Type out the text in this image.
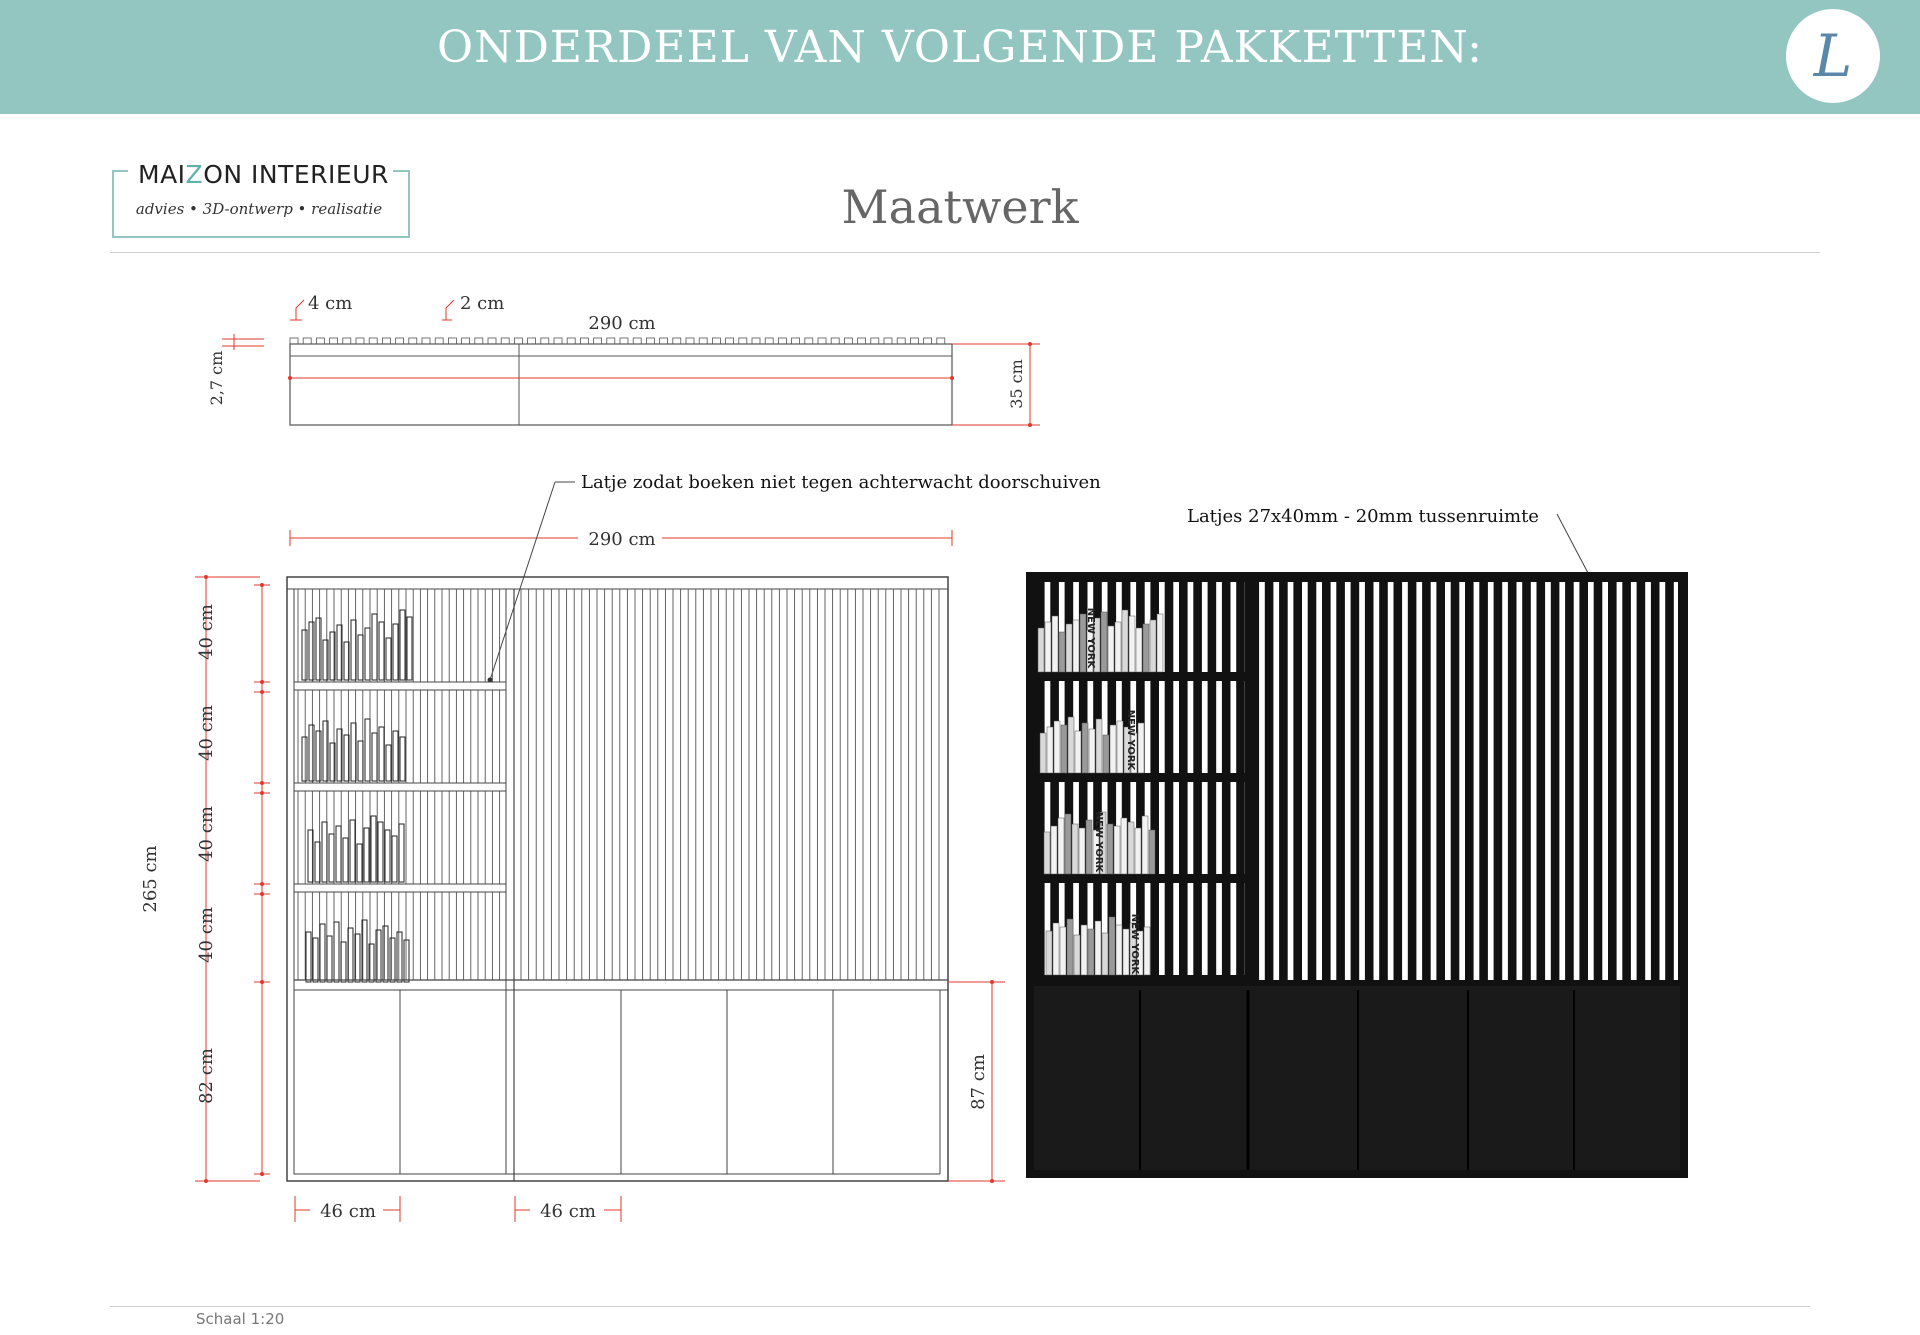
ONDERDEEL VAN VOLGENDE PAKKETTEN:	L
MAIZON INTERIEUR
advies • 3D-ontwerp • realisatie	Maatwerk
290 cm
4 cm	2 cm
2,7 cm	35 cm
290 cm
Latje zodat boeken niet tegen achterwacht doorschuiven
265 cm
40 cm
40 cm
40 cm
40 cm
82 cm	87 cm
46 cm	46 cm
Latjes 27x40mm - 20mm tussenruimte
NEW YORK
NEW YORK
NEW YORK
NEW YORK
Schaal 1:20
